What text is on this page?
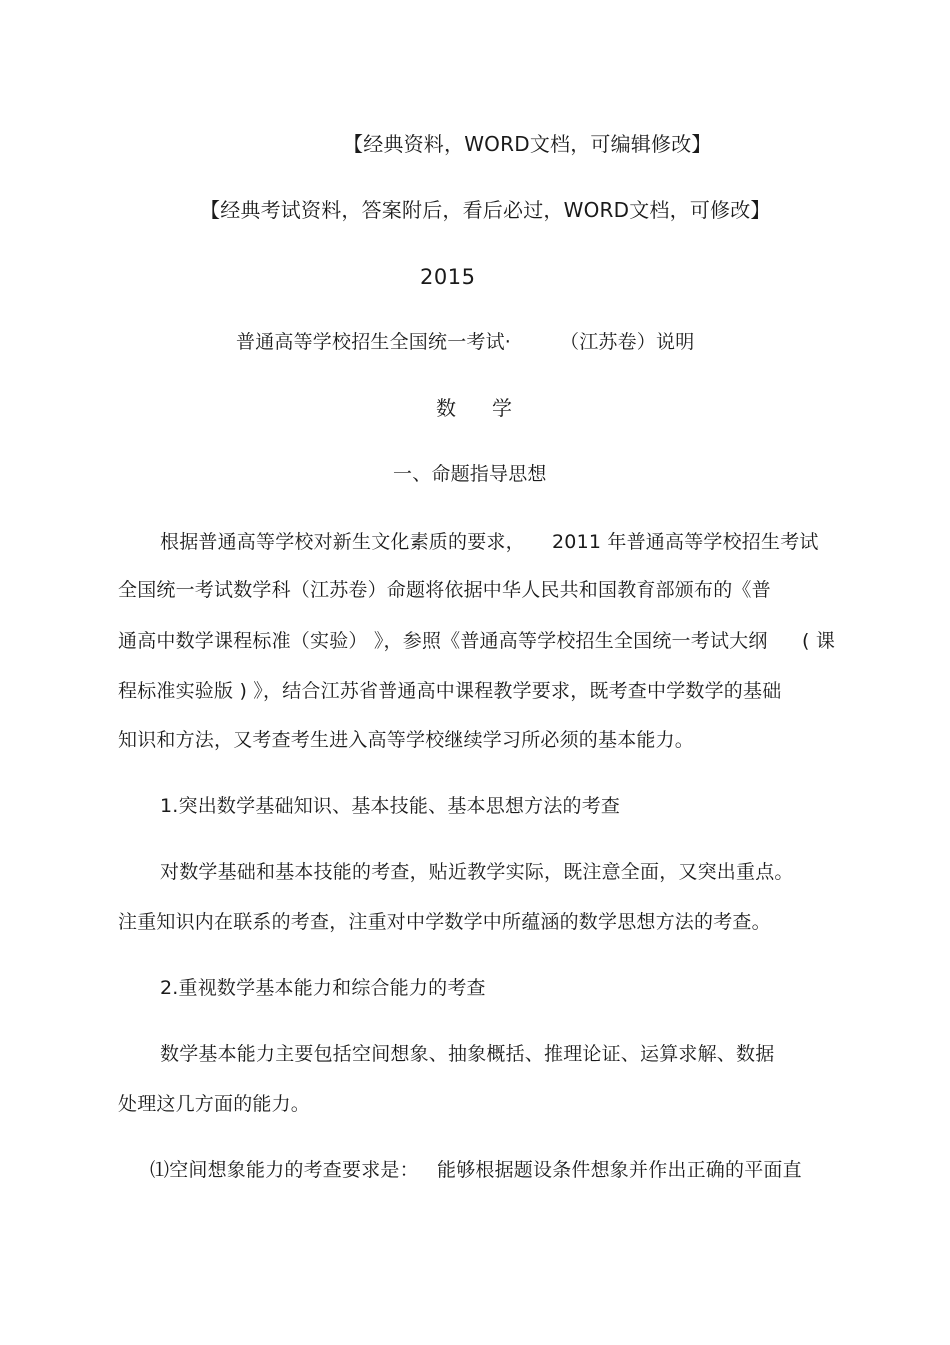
【经典资料，WORD文档，可编辑修改】
【经典考试资料，答案附后，看后必过，WORD文档，可修改】
2015
普通高等学校招生全国统一考试·	（江苏卷）说明
数学
一、命题指导思想
根据普通高等学校对新生文化素质的要求， 2011 年普通高等学校招生考试
全国统一考试数学科（江苏卷）命题将依据中华人民共和国教育部颁布的《普
通高中数学课程标准（实验） 》，参照《普通高等学校招生全国统一考试大纲 ( 课
程标准实验版 ) 》，结合江苏省普通高中课程教学要求，既考查中学数学的基础
知识和方法，又考查考生进入高等学校继续学习所必须的基本能力。
1.突出数学基础知识、基本技能、基本思想方法的考查
对数学基础和基本技能的考查，贴近教学实际，既注意全面，又突出重点。
注重知识内在联系的考查，注重对中学数学中所蕴涵的数学思想方法的考查。
2.重视数学基本能力和综合能力的考查
数学基本能力主要包括空间想象、抽象概括、推理论证、运算求解、数据
处理这几方面的能力。
⑴空间想象能力的考查要求是： 能够根据题设条件想象并作出正确的平面直
